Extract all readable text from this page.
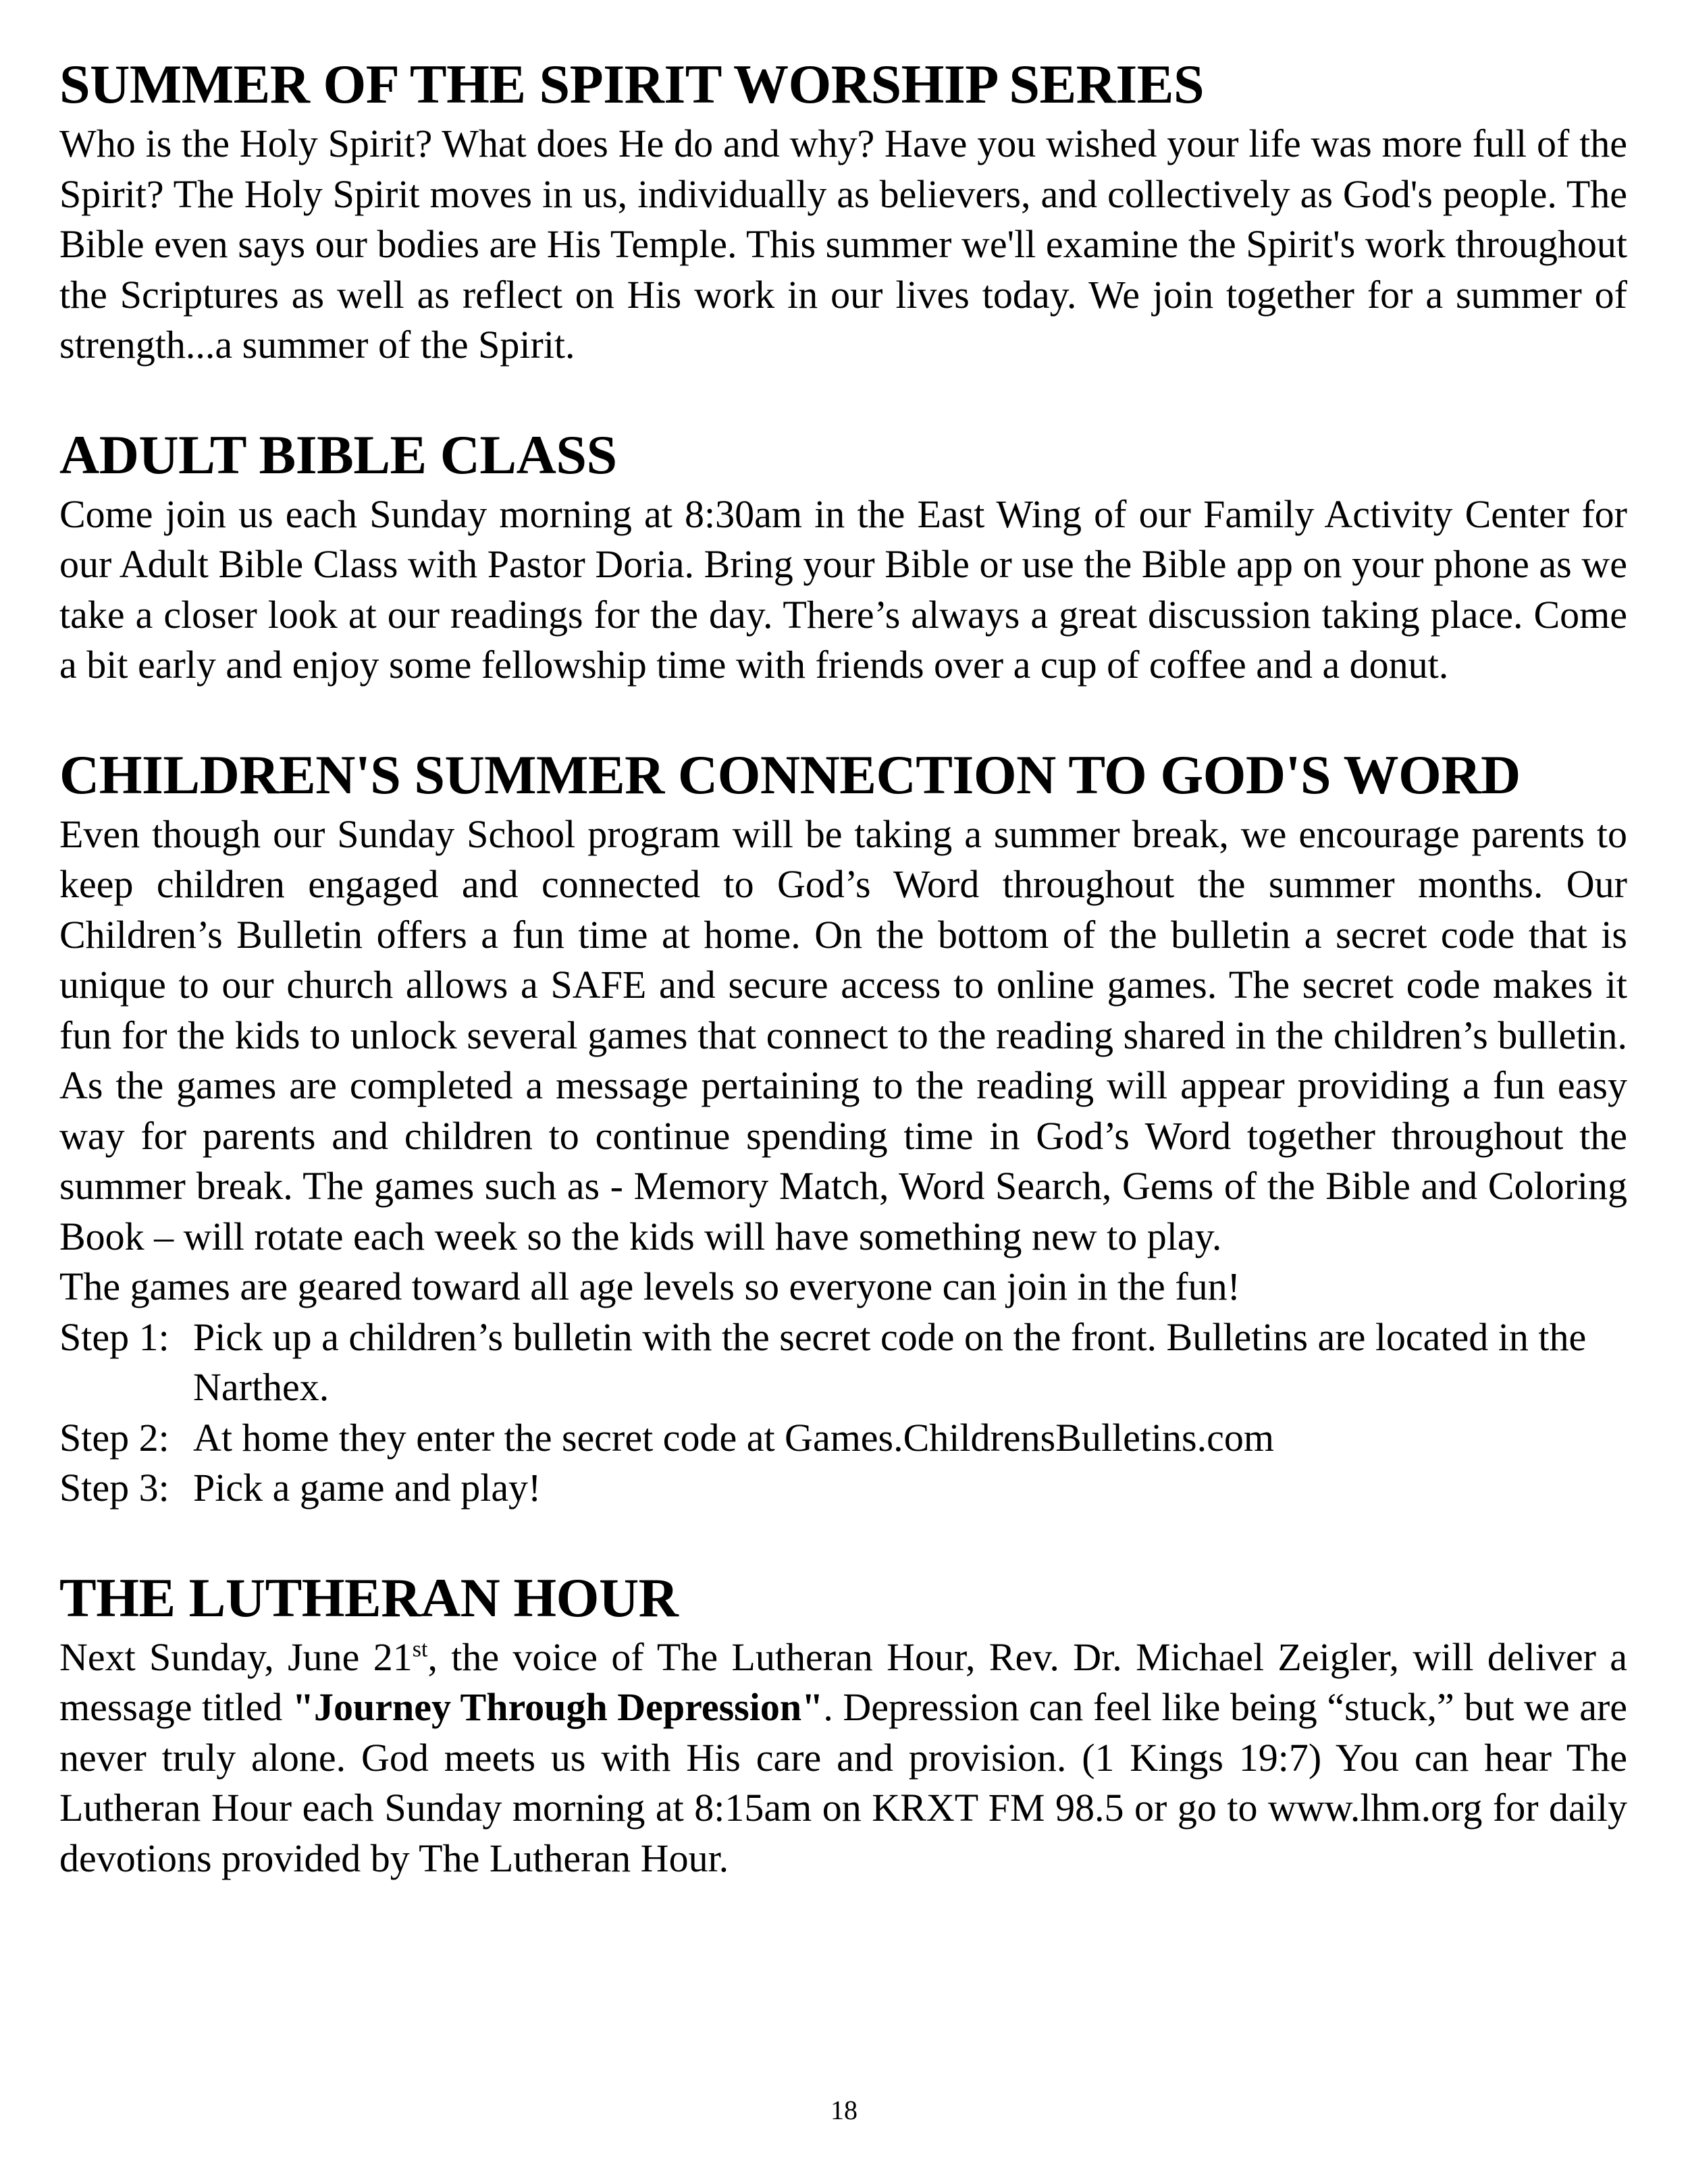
SUMMER OF THE SPIRIT WORSHIP SERIES

Who is the Holy Spirit? What does He do and why? Have you wished your life was more full of the Spirit? The Holy Spirit moves in us, individually as believers, and collectively as God's people. The Bible even says our bodies are His Temple. This summer we'll examine the Spirit's work throughout the Scriptures as well as reflect on His work in our lives today. We join together for a summer of strength...a summer of the Spirit.

ADULT BIBLE CLASS

Come join us each Sunday morning at 8:30am in the East Wing of our Family Activity Center for our Adult Bible Class with Pastor Doria. Bring your Bible or use the Bible app on your phone as we take a closer look at our readings for the day. There’s always a great discussion taking place. Come a bit early and enjoy some fellowship time with friends over a cup of coffee and a donut.

CHILDREN'S SUMMER CONNECTION TO GOD'S WORD

Even though our Sunday School program will be taking a summer break, we encourage parents to keep children engaged and connected to God’s Word throughout the summer months. Our Children’s Bulletin offers a fun time at home. On the bottom of the bulletin a secret code that is unique to our church allows a SAFE and secure access to online games. The secret code makes it fun for the kids to unlock several games that connect to the reading shared in the children’s bulletin. As the games are completed a message pertaining to the reading will appear providing a fun easy way for parents and children to continue spending time in God’s Word together throughout the summer break. The games such as - Memory Match, Word Search, Gems of the Bible and Coloring Book – will rotate each week so the kids will have something new to play.

The games are geared toward all age levels so everyone can join in the fun!

Step 1: Pick up a children’s bulletin with the secret code on the front. Bulletins are located in the Narthex.
Step 2: At home they enter the secret code at Games.ChildrensBulletins.com
Step 3: Pick a game and play!
THE LUTHERAN HOUR

Next Sunday, June 21st, the voice of The Lutheran Hour, Rev. Dr. Michael Zeigler, will deliver a message titled "Journey Through Depression". Depression can feel like being “stuck,” but we are never truly alone. God meets us with His care and provision. (1 Kings 19:7) You can hear The Lutheran Hour each Sunday morning at 8:15am on KRXT FM 98.5 or go to www.lhm.org for daily devotions provided by The Lutheran Hour.

18
